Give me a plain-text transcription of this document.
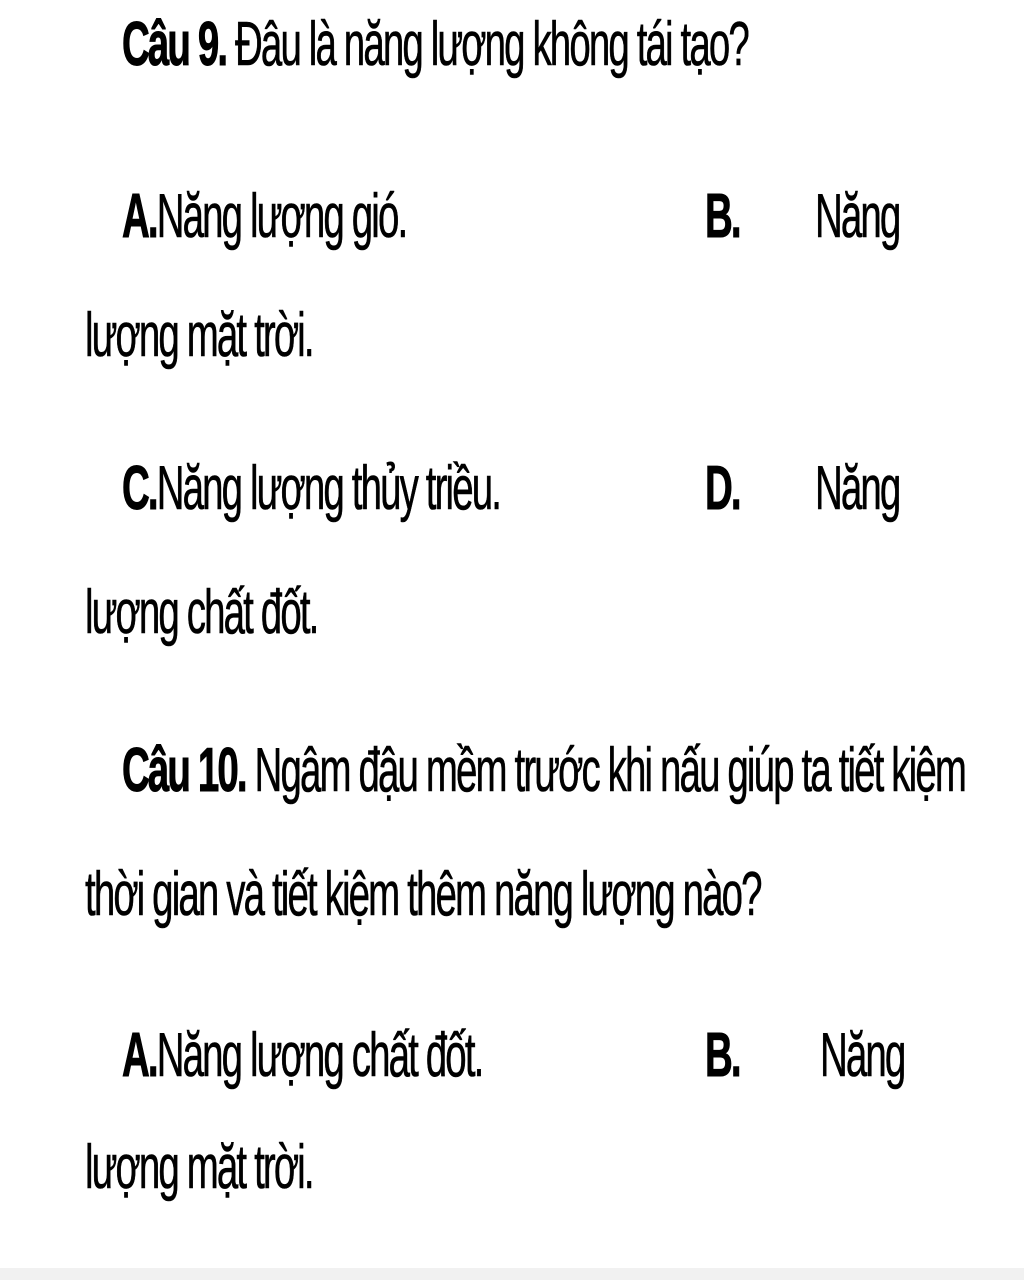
Câu 9. Đâu là năng lượng không tái tạo?
A.Năng lượng gió.	B. Năng
lượng mặt trời.
C.Năng lượng thủy triều.	D. Năng
lượng chất đốt.
Câu 10. Ngâm đậu mềm trước khi nấu giúp ta tiết kiệm
thời gian và tiết kiệm thêm năng lượng nào?
A.Năng lượng chất đốt.	B. Năng
lượng mặt trời.
